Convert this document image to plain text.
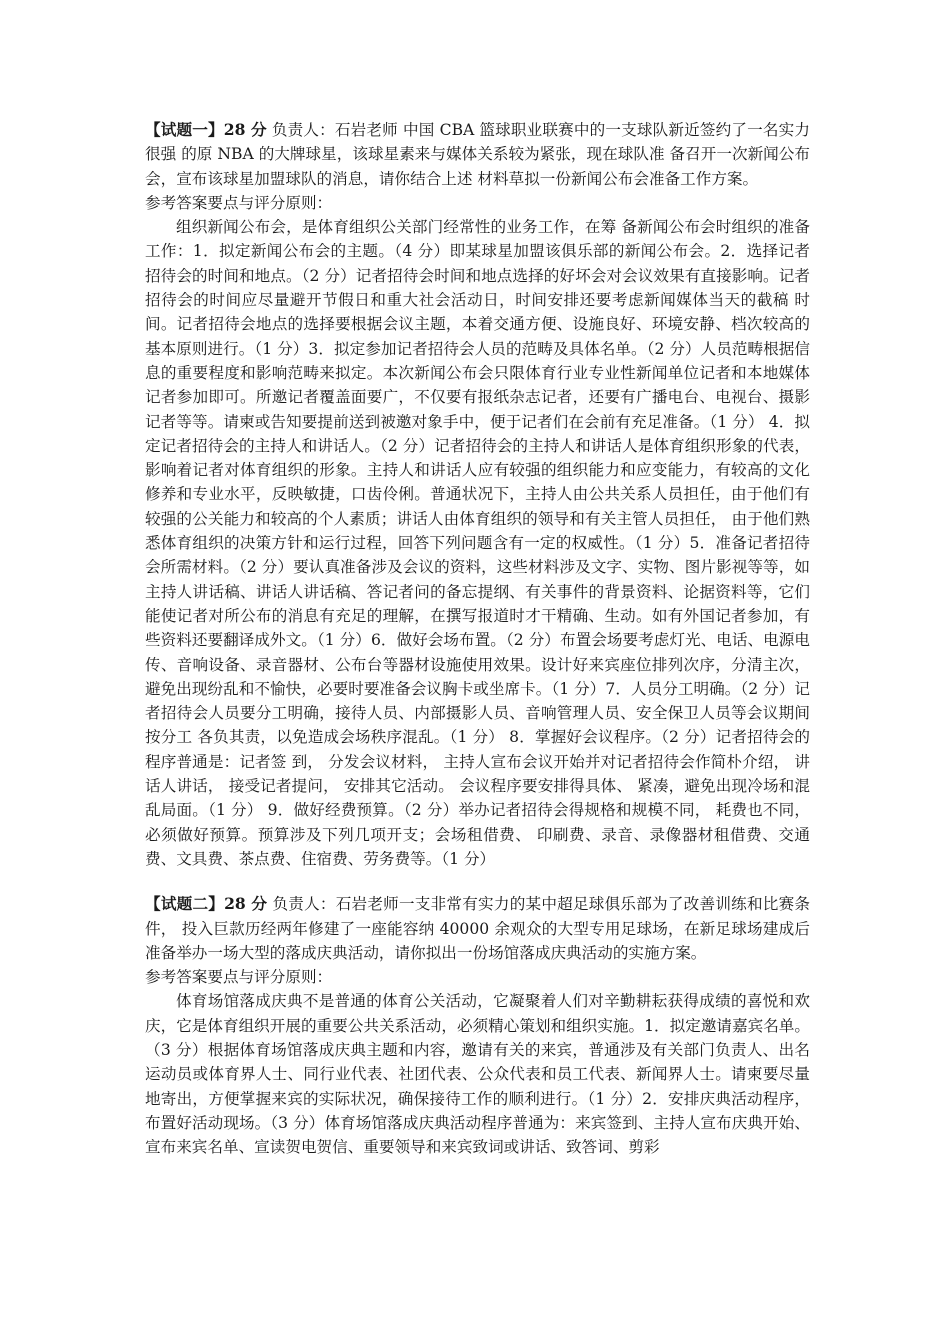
【试题一】28 分 负责人：石岩老师 中国 CBA 篮球职业联赛中的一支球队新近签约了一名实力很强 的原 NBA 的大牌球星，该球星素来与媒体关系较为紧张，现在球队准 备召开一次新闻公布会，宣布该球星加盟球队的消息，请你结合上述 材料草拟一份新闻公布会准备工作方案。

参考答案要点与评分原则：

组织新闻公布会，是体育组织公关部门经常性的业务工作，在筹 备新闻公布会时组织的准备工作：1．拟定新闻公布会的主题。（4 分）即某球星加盟该俱乐部的新闻公布会。2．选择记者招待会的时间和地点。（2 分）记者招待会时间和地点选择的好坏会对会议效果有直接影响。记者招待会的时间应尽量避开节假日和重大社会活动日，时间安排还要考虑新闻媒体当天的截稿 时间。记者招待会地点的选择要根据会议主题，本着交通方便、设施良好、环境安静、档次较高的基本原则进行。（1 分）3．拟定参加记者招待会人员的范畴及具体名单。（2 分）人员范畴根据信息的重要程度和影响范畴来拟定。本次新闻公布会只限体育行业专业性新闻单位记者和本地媒体记者参加即可。所邀记者覆盖面要广，不仅要有报纸杂志记者，还要有广播电台、电视台、摄影记者等等。请柬或告知要提前送到被邀对象手中，便于记者们在会前有充足准备。（1 分） 4．拟定记者招待会的主持人和讲话人。（2 分）记者招待会的主持人和讲话人是体育组织形象的代表，影响着记者对体育组织的形象。主持人和讲话人应有较强的组织能力和应变能力，有较高的文化 修养和专业水平，反映敏捷，口齿伶俐。普通状况下，主持人由公共关系人员担任，由于他们有较强的公关能力和较高的个人素质；讲话人由体育组织的领导和有关主管人员担任， 由于他们熟悉体育组织的决策方针和运行过程，回答下列问题含有一定的权威性。（1 分）5．准备记者招待会所需材料。（2 分）要认真准备涉及会议的资料，这些材料涉及文字、实物、图片影视等等，如主持人讲话稿、讲话人讲话稿、答记者问的备忘提纲、有关事件的背景资料、论据资料等，它们能使记者对所公布的消息有充足的理解，在撰写报道时才干精确、生动。如有外国记者参加，有些资料还要翻译成外文。（1 分）6．做好会场布置。（2 分）布置会场要考虑灯光、电话、电源电传、音响设备、录音器材、公布台等器材设施使用效果。设计好来宾座位排列次序，分清主次，避免出现纷乱和不愉快，必要时要准备会议胸卡或坐席卡。（1 分）7．人员分工明确。（2 分）记者招待会人员要分工明确，接待人员、内部摄影人员、音响管理人员、安全保卫人员等会议期间按分工 各负其责，以免造成会场秩序混乱。（1 分） 8．掌握好会议程序。（2 分）记者招待会的程序普通是：记者签 到， 分发会议材料， 主持人宣布会议开始并对记者招待会作简朴介绍， 讲话人讲话， 接受记者提问， 安排其它活动。 会议程序要安排得具体、 紧凑，避免出现冷场和混乱局面。（1 分） 9．做好经费预算。（2 分）举办记者招待会得规格和规模不同， 耗费也不同，必须做好预算。预算涉及下列几项开支；会场租借费、 印刷费、录音、录像器材租借费、交通费、文具费、茶点费、住宿费、劳务费等。（1 分）

【试题二】28 分 负责人：石岩老师一支非常有实力的某中超足球俱乐部为了改善训练和比赛条件， 投入巨款历经两年修建了一座能容纳 40000 余观众的大型专用足球场，在新足球场建成后准备举办一场大型的落成庆典活动，请你拟出一份场馆落成庆典活动的实施方案。

参考答案要点与评分原则：

体育场馆落成庆典不是普通的体育公关活动，它凝聚着人们对辛勤耕耘获得成绩的喜悦和欢庆，它是体育组织开展的重要公共关系活动，必须精心策划和组织实施。1．拟定邀请嘉宾名单。（3 分）根据体育场馆落成庆典主题和内容，邀请有关的来宾，普通涉及有关部门负责人、出名运动员或体育界人士、同行业代表、社团代表、公众代表和员工代表、新闻界人士。请柬要尽量地寄出，方便掌握来宾的实际状况，确保接待工作的顺利进行。（1 分）2．安排庆典活动程序，布置好活动现场。（3 分）体育场馆落成庆典活动程序普通为：来宾签到、主持人宣布庆典开始、宣布来宾名单、宣读贺电贺信、重要领导和来宾致词或讲话、致答词、剪彩
